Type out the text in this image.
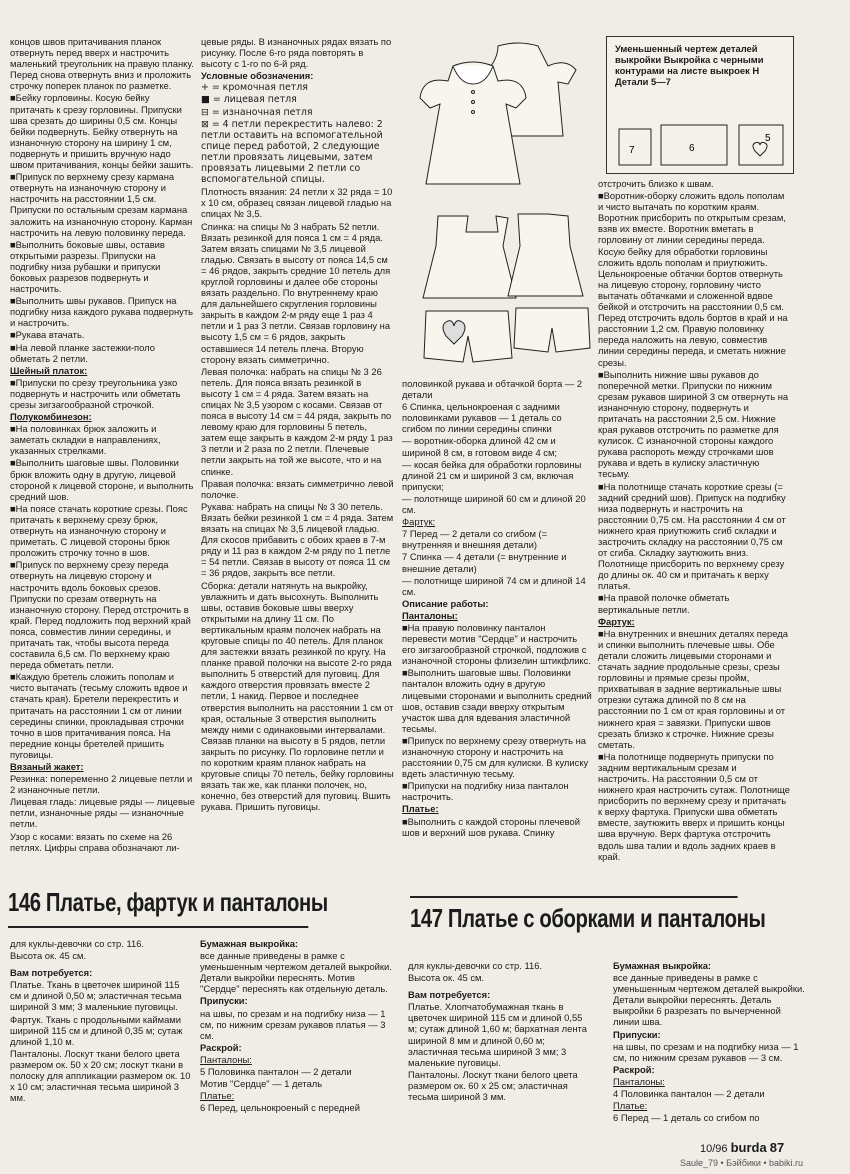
Уменьшенный чертеж деталей выкройки Выкройка с черными контурами на листе выкроек Н Детали 5—7
7	6
5

концов швов притачивания планок отвернуть перед вверх и настрочить маленький треугольник на правую планку. Перед снова отвернуть вниз и проложить строчку поперек планок по разметке.

■Бейку горловины. Косую бейку притачать к срезу горловины. Припуски шва срезать до ширины 0,5 см. Концы бейки подвернуть. Бейку отвернуть на изнаночную сторону на ширину 1 см, подвернуть и пришить вручную надо швом притачивания, концы бейки зашить.

■Припуск по верхнему срезу кармана отвернуть на изнаночную сторону и настрочить на расстоянии 1,5 см. Припуски по остальным срезам кармана заложить на изнаночную сторону. Карман настрочить на левую половинку переда.

■Выполнить боковые швы, оставив открытыми разрезы. Припуски на подгибку низа рубашки и припуски боковых разрезов подвернуть и настрочить.

■Выполнить швы рукавов. Припуск на подгибку низа каждого рукава подвернуть и настрочить.

■Рукава втачать.

■На левой планке застежки-поло обметать 2 петли.

Шейный платок:

■Припуски по срезу треугольника узко подвернуть и настрочить или обметать срезы зигзагообразной строчкой.

Полукомбинезон:

■На половинках брюк заложить и заметать складки в направлениях, указанных стрелками.

■Выполнить шаговые швы. Половинки брюк вложить одну в другую, лицевой стороной к лицевой стороне, и выполнить средний шов.

■На поясе стачать короткие срезы. Пояс притачать к верхнему срезу брюк, отвернуть на изнаночную сторону и приметать. С лицевой стороны брюк проложить строчку точно в шов.

■Припуск по верхнему срезу переда отвернуть на лицевую сторону и настрочить вдоль боковых срезов. Припуски по срезам отвернуть на изнаночную сторону. Перед отстрочить в край. Перед подложить под верхний край пояса, совместив линии середины, и притачать так, чтобы высота переда составила 6,5 см. По верхнему краю переда обметать петли.

■Каждую бретель сложить пополам и чисто вытачать (тесьму сложить вдвое и стачать края). Бретели перекрестить и притачать на расстоянии 1 см от линии середины спинки, прокладывая строчки точно в шов притачивания пояса. На передние концы бретелей пришить пуговицы.

Вязаный жакет:

Резинка: попеременно 2 лицевые петли и 2 изнаночные петли.

Лицевая гладь: лицевые ряды — лицевые петли, изнаночные ряды — изнаночные петли.

Узор с косами: вязать по схеме на 26 петлях. Цифры справа обозначают ли-

цевые ряды. В изнаночных рядах вязать по рисунку. После 6-го ряда повторять в высоту с 1-го по 6-й ряд.

Условные обозначения:

+ = кромочная петля

■ = лицевая петля

⊟ = изнаночная петля

⊠ = 4 петли перекрестить налево: 2 петли оставить на вспомогательной спице перед работой, 2 следующие петли провязать лицевыми, затем провязать лицевыми 2 петли со вспомогательной спицы.

Плотность вязания: 24 петли х 32 ряда = 10 х 10 см, образец связан лицевой гладью на спицах № 3,5.

Спинка: на спицы № 3 набрать 52 петли. Вязать резинкой для пояса 1 см = 4 ряда. Затем вязать спицами № 3,5 лицевой гладью. Связать в высоту от пояса 14,5 см = 46 рядов, закрыть средние 10 петель для круглой горловины и далее обе стороны вязать раздельно. По внутреннему краю для дальнейшего скругления горловины закрыть в каждом 2-м ряду еще 1 раз 4 петли и 1 раз 3 петли. Связав горловину на высоту 1,5 см = 6 рядов, закрыть оставшиеся 14 петель плеча. Вторую сторону вязать симметрично.

Левая полочка: набрать на спицы № 3 26 петель. Для пояса вязать резинкой в высоту 1 см = 4 ряда. Затем вязать на спицах № 3,5 узором с косами. Связав от пояса в высоту 14 см = 44 ряда, закрыть по левому краю для горловины 5 петель, затем еще закрыть в каждом 2-м ряду 1 раз 3 петли и 2 раза по 2 петли. Плечевые петли закрыть на той же высоте, что и на спинке.

Правая полочка: вязать симметрично левой полочке.

Рукава: набрать на спицы № 3 30 петель. Вязать бейки резинкой 1 см = 4 ряда. Затем вязать на спицах № 3,5 лицевой гладью. Для скосов прибавить с обоих краев в 7-м ряду и 11 раз в каждом 2-м ряду по 1 петле = 54 петли. Связав в высоту от пояса 11 см = 36 рядов, закрыть все петли.

Сборка: детали натянуть на выкройку, увлажнить и дать высохнуть. Выполнить швы, оставив боковые швы вверху открытыми на длину 11 см. По вертикальным краям полочек набрать на круговые спицы по 40 петель. Для планок для застежки вязать резинкой по кругу. На планке правой полочки на высоте 2-го ряда выполнить 5 отверстий для пуговиц. Для каждого отверстия провязать вместе 2 петли, 1 накид. Первое и последнее отверстия выполнить на расстоянии 1 см от края, остальные 3 отверстия выполнить между ними с одинаковыми интервалами. Связав планки на высоту в 5 рядов, петли закрыть по рисунку. По горловине петли и по коротким краям планок набрать на круговые спицы 70 петель, бейку горловины вязать так же, как планки полочек, но, конечно, без отверстий для пуговиц. Вшить рукава. Пришить пуговицы.

половинкой рукава и обтачкой борта — 2 детали

6 Спинка, цельнокроеная с задними половинками рукавов — 1 деталь со сгибом по линии середины спинки

— воротник-оборка длиной 42 см и шириной 8 см, в готовом виде 4 см;

— косая бейка для обработки горловины длиной 21 см и шириной 3 см, включая припуски;

— полотнище шириной 60 см и длиной 20 см.

Фартук:

7 Перед — 2 детали со сгибом (= внутренняя и внешняя детали)

7 Спинка — 4 детали (= внутренние и внешние детали)

— полотнище шириной 74 см и длиной 14 см.

Описание работы:

Панталоны:

■На правую половинку панталон перевести мотив "Сердце" и настрочить его зигзагообразной строчкой, подложив с изнаночной стороны флизелин штикфликс.

■Выполнить шаговые швы. Половинки панталон вложить одну в другую лицевыми сторонами и выполнить средний шов, оставив сзади вверху открытым участок шва для вдевания эластичной тесьмы.

■Припуск по верхнему срезу отвернуть на изнаночную сторону и настрочить на расстоянии 0,75 см для кулиски. В кулиску вдеть эластичную тесьму.

■Припуски на подгибку низа панталон настрочить.

Платье:

■Выполнить с каждой стороны плечевой шов и верхний шов рукава. Спинку

отстрочить близко к швам.

■Воротник-оборку сложить вдоль пополам и чисто вытачать по коротким краям. Воротник присборить по открытым срезам, взяв их вместе. Воротник вметать в горловину от линии середины переда. Косую бейку для обработки горловины сложить вдоль пополам и приутюжить. Цельнокроеные обтачки бортов отвернуть на лицевую сторону, горловину чисто вытачать обтачками и сложенной вдвое бейкой и отстрочить на расстоянии 0,5 см. Перед отстрочить вдоль бортов в край и на расстоянии 1,2 см. Правую половинку переда наложить на левую, совместив линии середины переда, и сметать нижние срезы.

■Выполнить нижние швы рукавов до поперечной метки. Припуски по нижним срезам рукавов шириной 3 см отвернуть на изнаночную сторону, подвернуть и притачать на расстоянии 2,5 см. Нижние края рукавов отстрочить по разметке для кулисок. С изнаночной стороны каждого рукава распороть между строчками шов рукава и вдеть в кулиску эластичную тесьму.

■На полотнище стачать короткие срезы (= задний средний шов). Припуск на подгибку низа подвернуть и настрочить на расстоянии 0,75 см. На расстоянии 4 см от нижнего края приутюжить сгиб складки и застрочить складку на расстоянии 0,75 см от сгиба. Складку заутюжить вниз. Полотнище присборить по верхнему срезу до длины ок. 40 см и притачать к верху платья.

■На правой полочке обметать вертикальные петли.

Фартук:

■На внутренних и внешних деталях переда и спинки выполнить плечевые швы. Обе детали сложить лицевыми сторонами и стачать задние продольные срезы, срезы горловины и прямые срезы пройм, прихватывая в задние вертикальные швы отрезки сутажа длиной по 8 см на расстоянии по 1 см от края горловины и от нижнего края = завязки. Припуски швов срезать близко к строчке. Нижние срезы сметать.

■На полотнище подвернуть припуски по задним вертикальным срезам и настрочить. На расстоянии 0,5 см от нижнего края настрочить сутаж. Полотнище присборить по верхнему срезу и притачать к верху фартука. Припуски шва обметать вместе, заутюжить вверх и пришить концы шва вручную. Верх фартука отстрочить вдоль шва талии и вдоль задних краев в край.

146 Платье, фартук и панталоны
147 Платье с оборками и панталоны

для куклы-девочки со стр. 116.

Высота ок. 45 см.

Вам потребуется:

Платье. Ткань в цветочек шириной 115 см и длиной 0,50 м; эластичная тесьма шириной 3 мм; 3 маленькие пуговицы.

Фартук. Ткань с продольными каймами шириной 115 см и длиной 0,35 м; сутаж длиной 1,10 м.

Панталоны. Лоскут ткани белого цвета размером ок. 50 х 20 см; лоскут ткани в полоску для аппликации размером ок. 10 х 10 см; эластичная тесьма шириной 3 мм.

Бумажная выкройка:

все данные приведены в рамке с уменьшенным чертежом деталей выкройки. Детали выкройки переснять. Мотив "Сердце" переснять как отдельную деталь.

Припуски:

на швы, по срезам и на подгибку низа — 1 см, по нижним срезам рукавов платья — 3 см.

Раскрой:

Панталоны:

5 Половинка панталон — 2 детали

Мотив "Сердце" — 1 деталь

Платье:

6 Перед, цельнокроеный с передней

для куклы-девочки со стр. 116.

Высота ок. 45 см.

Вам потребуется:

Платье. Хлопчатобумажная ткань в цветочек шириной 115 см и длиной 0,55 м; сутаж длиной 1,60 м; бархатная лента шириной 8 мм и длиной 0,60 м; эластичная тесьма шириной 3 мм; 3 маленькие пуговицы.

Панталоны. Лоскут ткани белого цвета размером ок. 60 х 25 см; эластичная тесьма шириной 3 мм.

Бумажная выкройка:

все данные приведены в рамке с уменьшенным чертежом деталей выкройки. Детали выкройки переснять. Деталь выкройки 6 разрезать по вычерченной линии шва.

Припуски:

на швы, по срезам и на подгибку низа — 1 см, по нижним срезам рукавов — 3 см.

Раскрой:

Панталоны:

4 Половинка панталон — 2 детали

Платье:

6 Перед — 1 деталь со сгибом по

10/96 burda 87
Saule_79 • Бэйбики • babiki.ru
